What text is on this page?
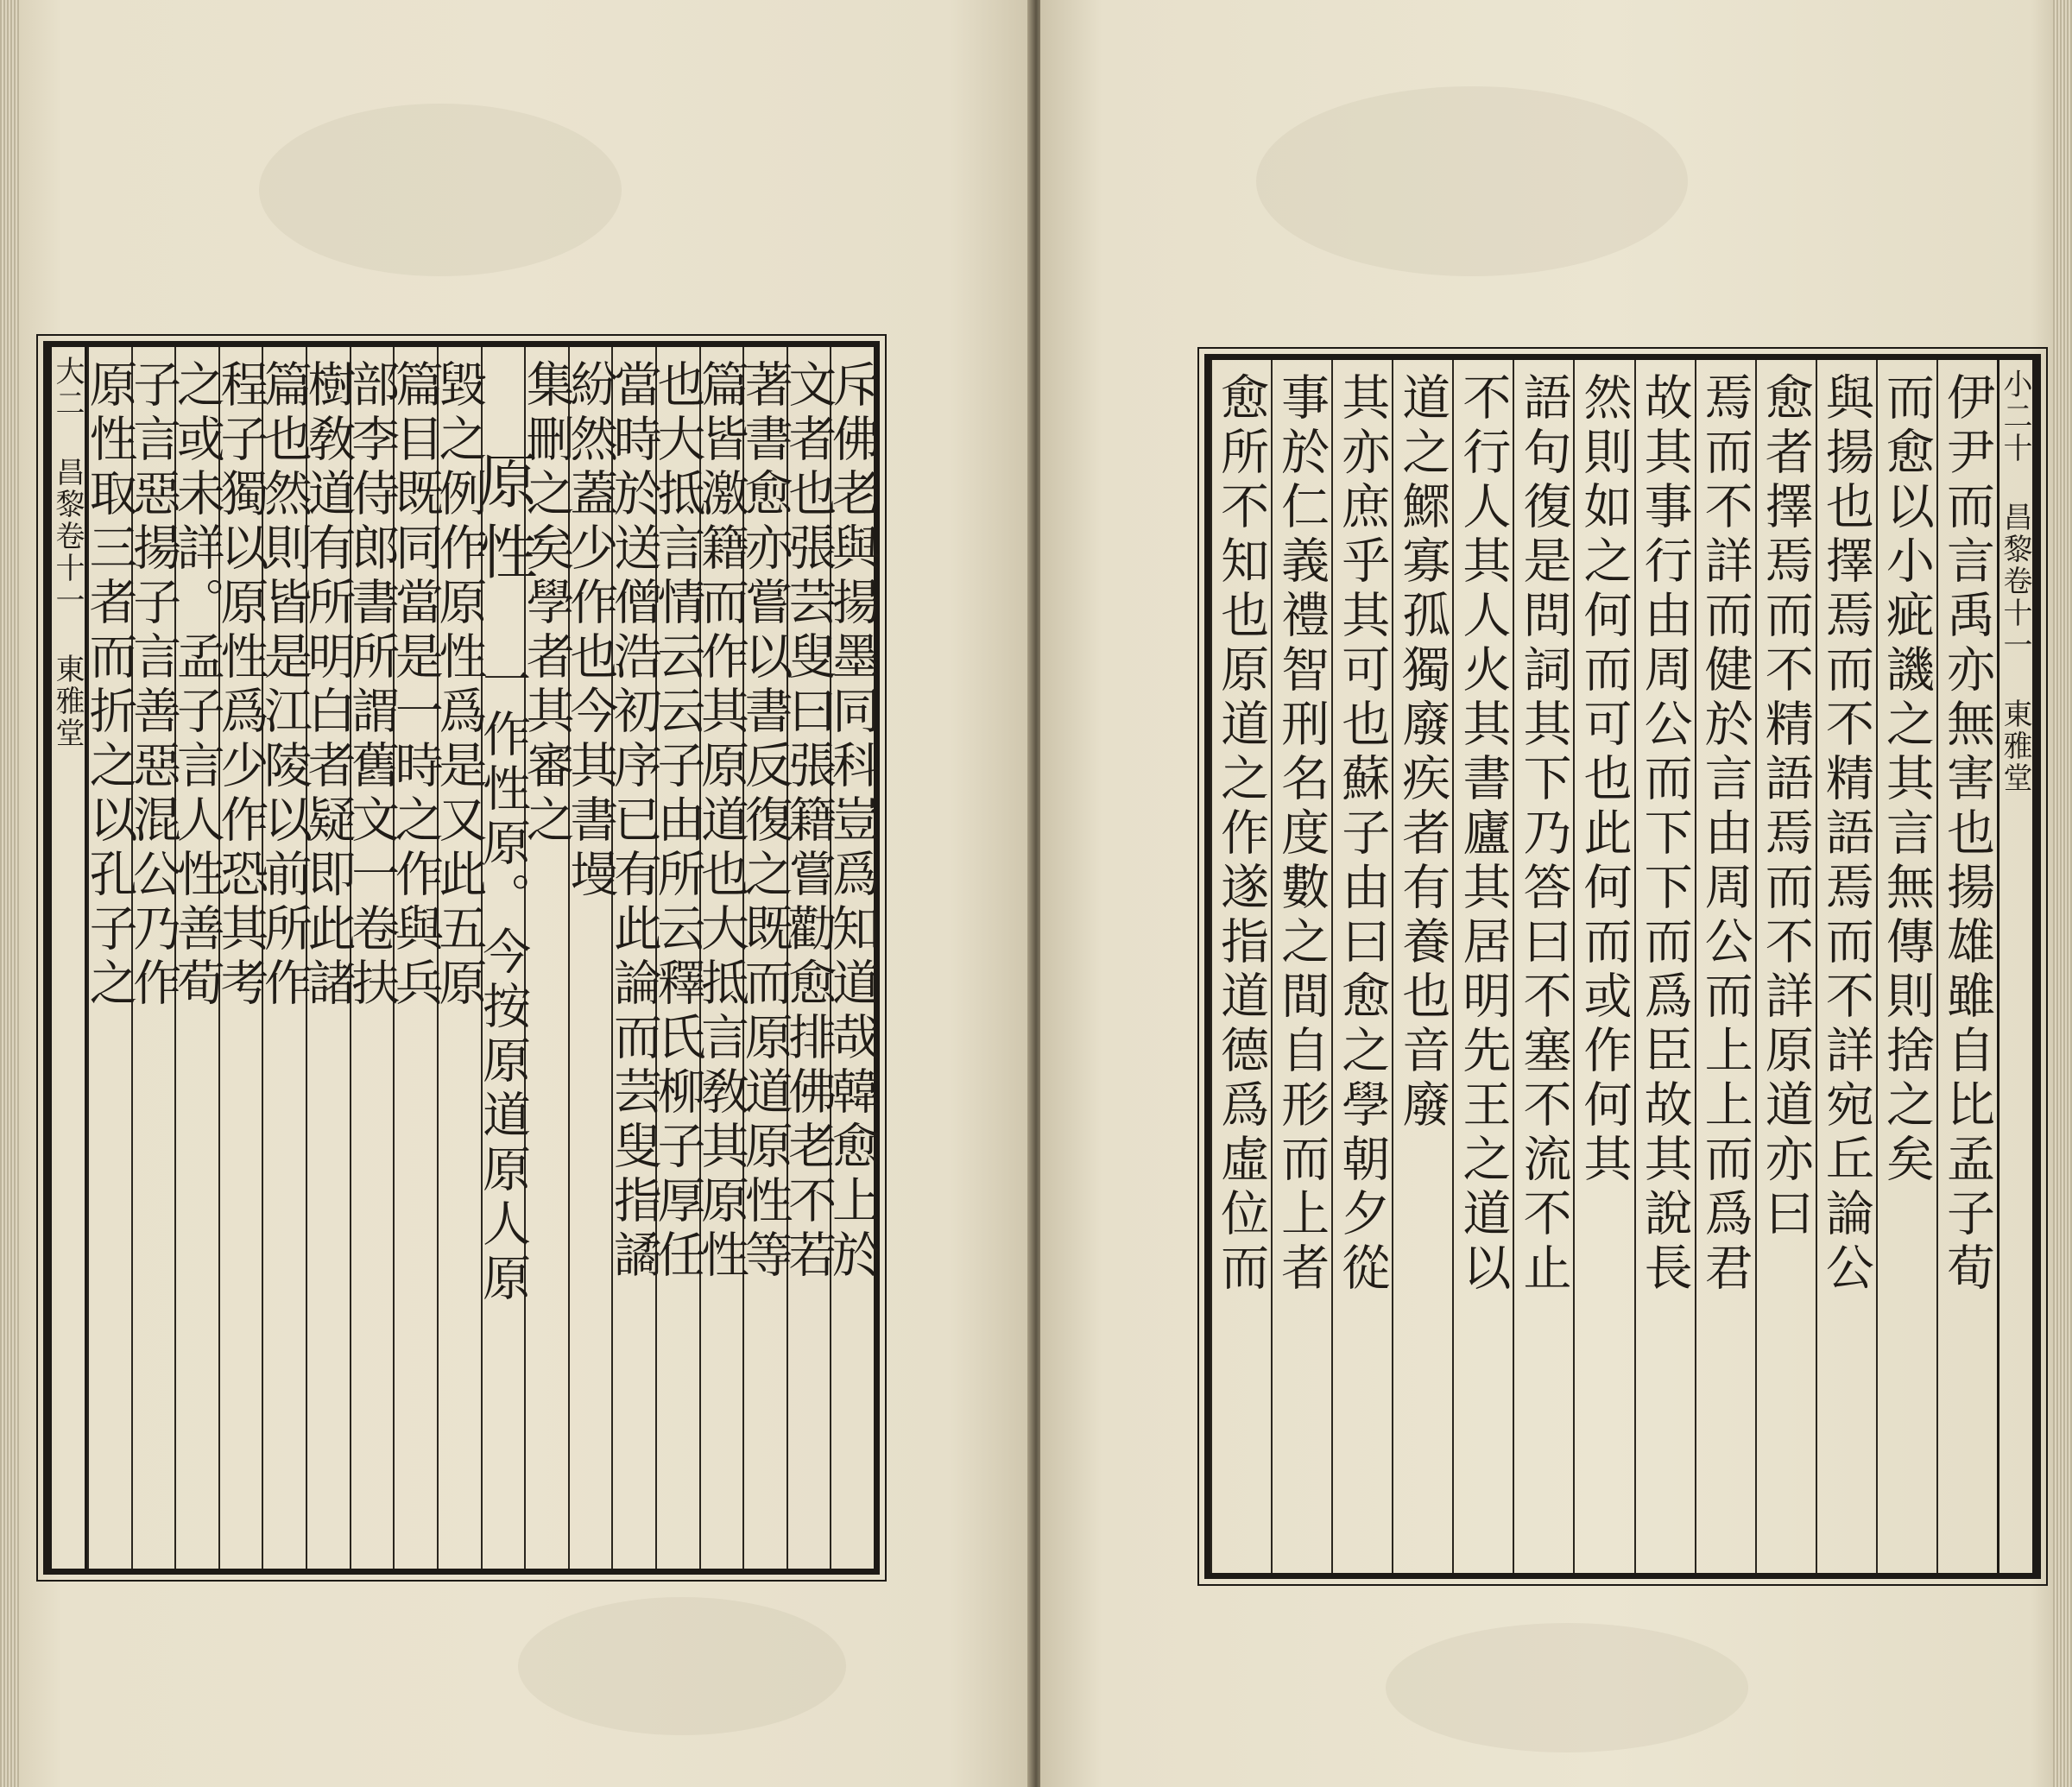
大二 昌黎卷十一 東雅堂	斥佛老與揚墨同科豈爲知道哉韓愈上於
文者也張芸叟曰張籍嘗勸愈排佛老不若
著書愈亦嘗以書反復之既而原道原性等
篇皆激籍而作其原道也大抵言敎其原性
也大抵言情云云子由所云釋氏柳子厚任
當時於送僧浩初序已有此論而芸叟指譎
紛然蓋少作也今其書墁
集刪之矣學者其審之
原性 一作性原。今按原道原人原
毀之例作原性爲是又此五原
篇目既同當是一時之作與兵
部李侍郎書所謂舊文一卷扶
樹敎道有所明白者疑即此諸
篇也然則皆是江陵以前所作
程子獨以原性爲少作恐其考
之或未詳。孟子言人性善荀
子言惡揚子言善惡混公乃作
原性取三者而折之以孔子之	小二十 昌黎卷十一 東雅堂
伊尹而言禹亦無害也揚雄雖自比孟子荀
而愈以小疵譏之其言無傳則捨之矣
與揚也擇焉而不精語焉而不詳宛丘論公
愈者擇焉而不精語焉而不詳原道亦曰
焉而不詳而健於言由周公而上上而爲君
故其事行由周公而下下而爲臣故其說長
然則如之何而可也此何而或作何其
語句復是問詞其下乃答曰不塞不流不止
不行人其人火其書廬其居明先王之道以
道之鰥寡孤獨廢疾者有養也音廢
其亦庶乎其可也蘇子由曰愈之學朝夕從
事於仁義禮智刑名度數之間自形而上者
愈所不知也原道之作遂指道德爲虛位而
